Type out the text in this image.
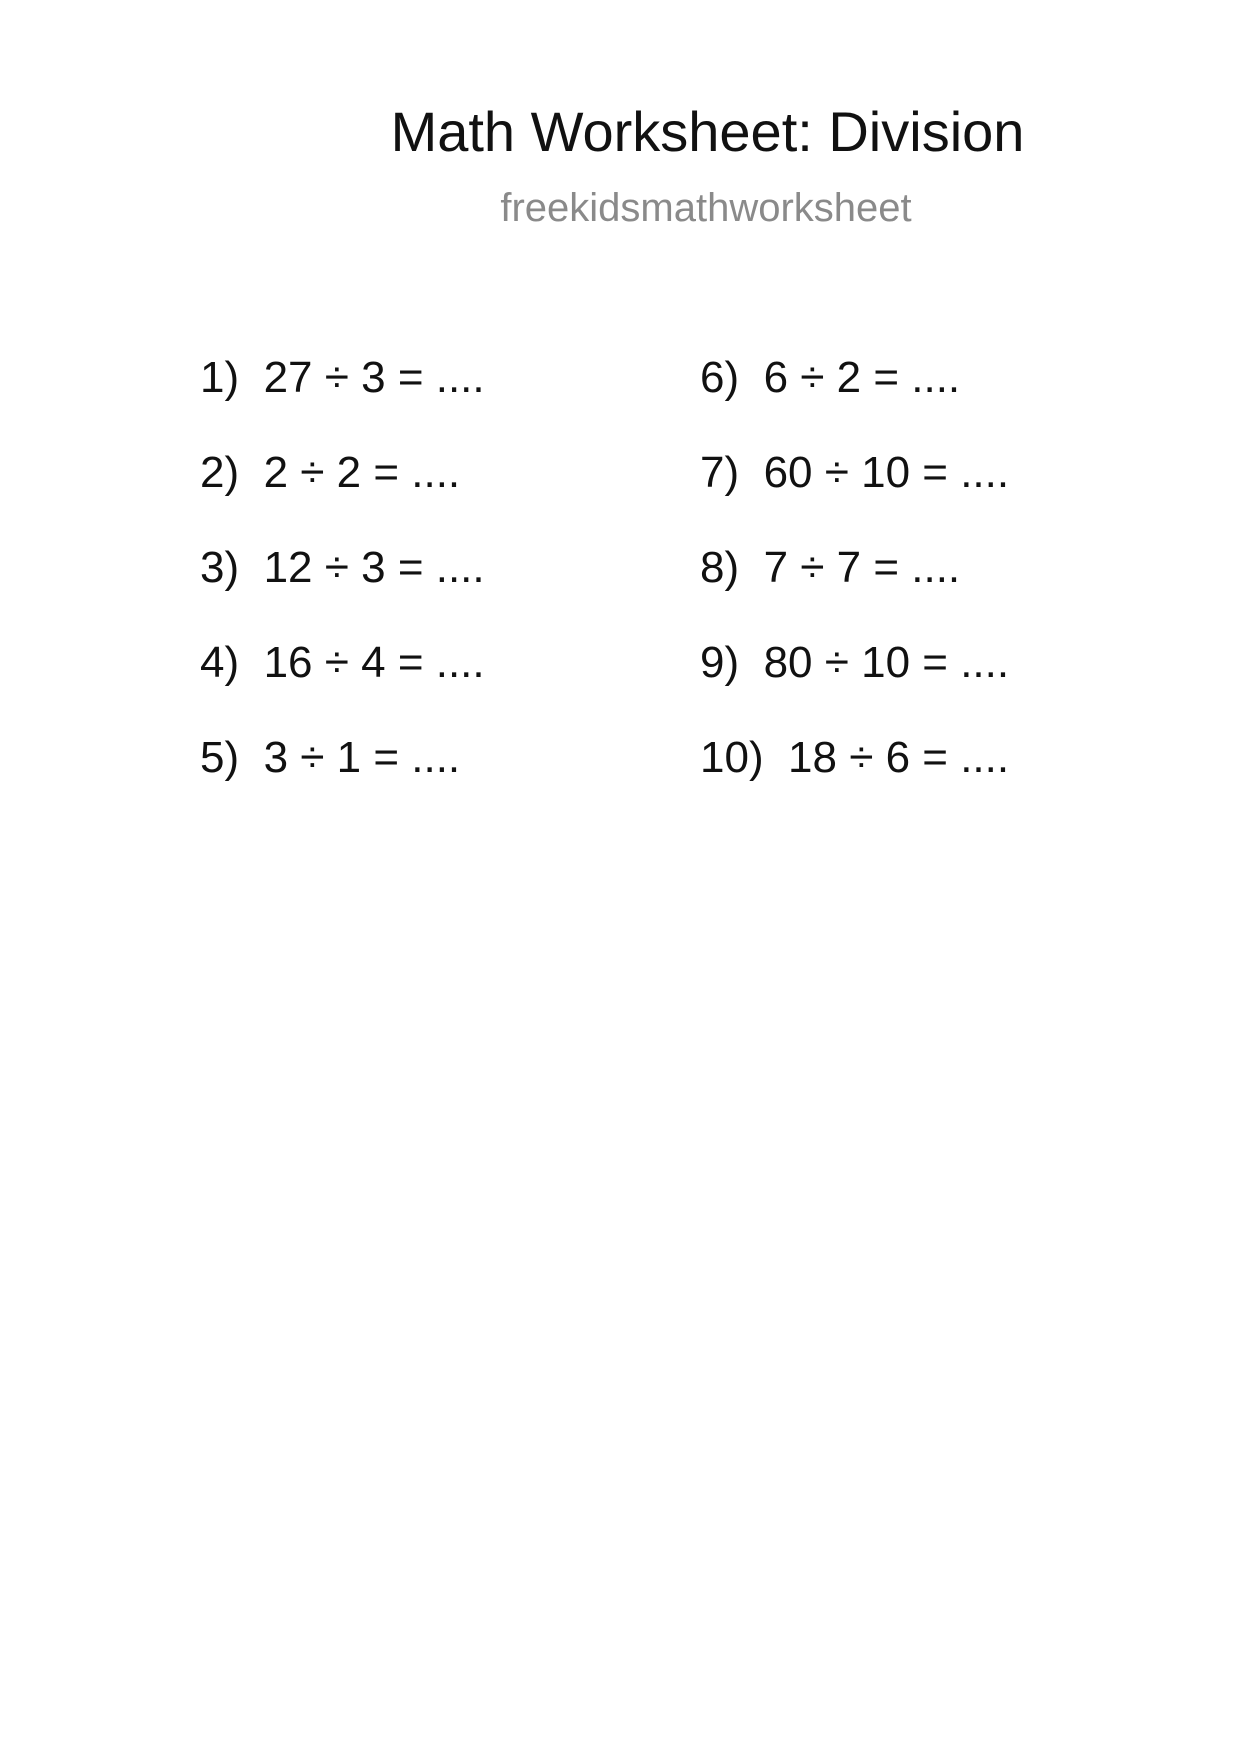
Math Worksheet: Division
freekidsmathworksheet
1) 27 ÷ 3 = ....
2) 2 ÷ 2 = ....
3) 12 ÷ 3 = ....
4) 16 ÷ 4 = ....
5) 3 ÷ 1 = ....
6) 6 ÷ 2 = ....
7) 60 ÷ 10 = ....
8) 7 ÷ 7 = ....
9) 80 ÷ 10 = ....
10) 18 ÷ 6 = ....
